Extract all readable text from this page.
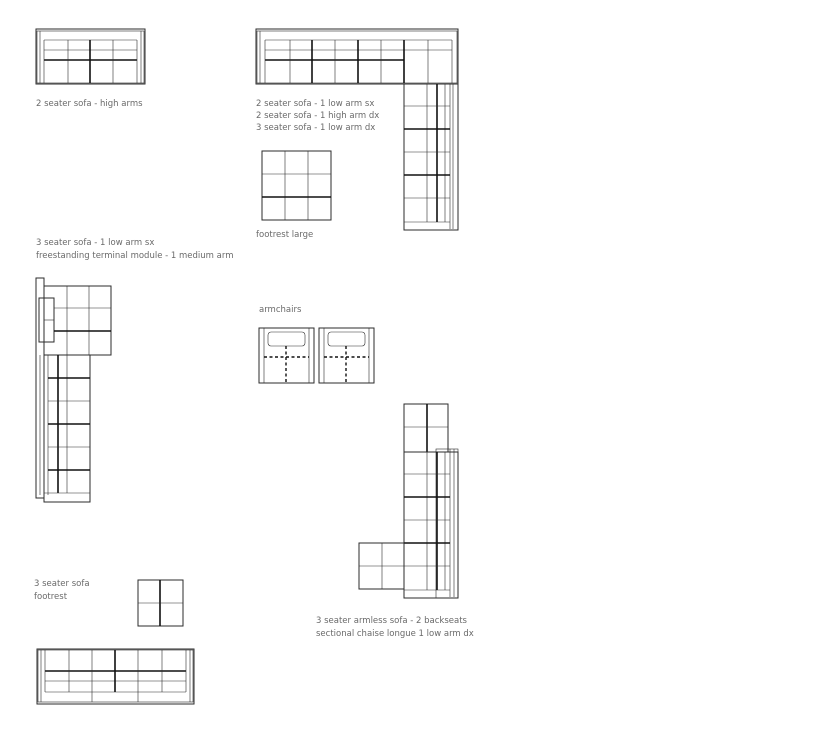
2 seater sofa - high arms	2 seater sofa - 1 low arm sx
2 seater sofa - 1 high arm dx
3 seater sofa - 1 low arm dx
footrest large
3 seater sofa - 1 low arm sx
freestanding terminal module - 1 medium arm
armchairs
3 seater armless sofa - 2 backseats
sectional chaise longue 1 low arm dx
3 seater sofa
footrest
